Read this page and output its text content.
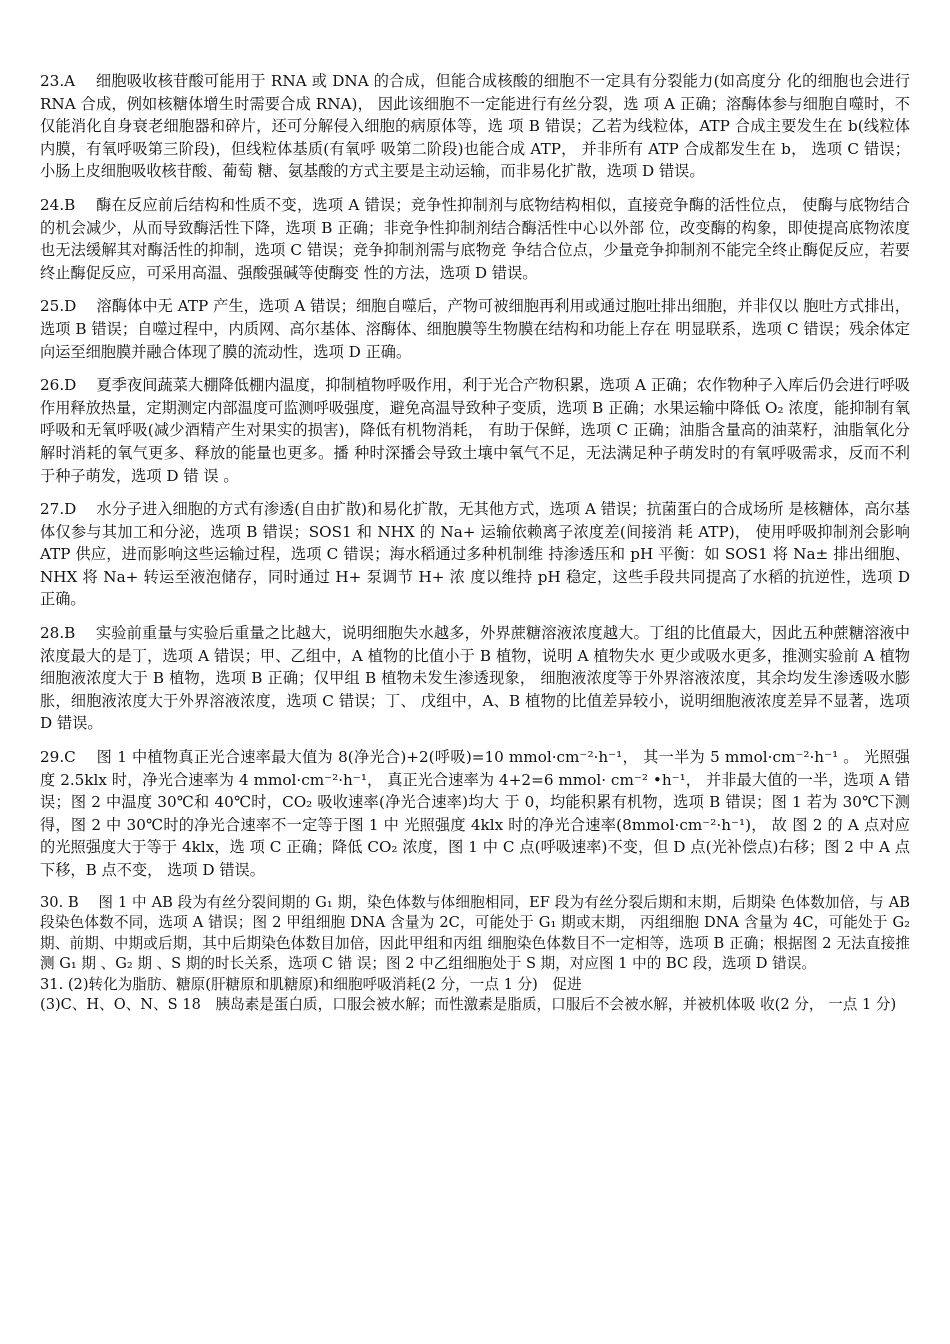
23.A　 细胞吸收核苷酸可能用于 RNA 或 DNA 的合成，但能合成核酸的细胞不一定具有分裂能力(如高度分 化的细胞也会进行 RNA 合成，例如核糖体增生时需要合成 RNA)， 因此该细胞不一定能进行有丝分裂，选 项 A 正确；溶酶体参与细胞自噬时，不仅能消化自身衰老细胞器和碎片，还可分解侵入细胞的病原体等，选 项 B 错误；乙若为线粒体，ATP 合成主要发生在 b(线粒体内膜，有氧呼吸第三阶段)，但线粒体基质(有氧呼 吸第二阶段)也能合成 ATP， 并非所有 ATP 合成都发生在 b， 选项 C 错误；小肠上皮细胞吸收核苷酸、葡萄 糖、氨基酸的方式主要是主动运输，而非易化扩散，选项 D 错误。

24.B　 酶在反应前后结构和性质不变，选项 A 错误；竞争性抑制剂与底物结构相似，直接竞争酶的活性位点， 使酶与底物结合的机会减少，从而导致酶活性下降，选项 B 正确；非竞争性抑制剂结合酶活性中心以外部 位，改变酶的构象，即使提高底物浓度也无法缓解其对酶活性的抑制，选项 C 错误；竞争抑制剂需与底物竞 争结合位点，少量竞争抑制剂不能完全终止酶促反应，若要终止酶促反应，可采用高温、强酸强碱等使酶变 性的方法，选项 D 错误。

25.D　 溶酶体中无 ATP 产生，选项 A 错误；细胞自噬后，产物可被细胞再利用或通过胞吐排出细胞，并非仅以 胞吐方式排出，选项 B 错误；自噬过程中，内质网、高尔基体、溶酶体、细胞膜等生物膜在结构和功能上存在 明显联系，选项 C 错误；残余体定向运至细胞膜并融合体现了膜的流动性，选项 D 正确。

26.D　 夏季夜间蔬菜大棚降低棚内温度，抑制植物呼吸作用，利于光合产物积累，选项 A 正确；农作物种子入库后仍会进行呼吸作用释放热量，定期测定内部温度可监测呼吸强度，避免高温导致种子变质，选项 B 正确；水果运输中降低 O₂ 浓度，能抑制有氧呼吸和无氧呼吸(减少酒精产生对果实的损害)，降低有机物消耗， 有助于保鲜，选项 C 正确；油脂含量高的油菜籽，油脂氧化分解时消耗的氧气更多、释放的能量也更多。播 种时深播会导致土壤中氧气不足，无法满足种子萌发时的有氧呼吸需求，反而不利于种子萌发，选项 D 错 误 。

27.D　 水分子进入细胞的方式有渗透(自由扩散)和易化扩散，无其他方式，选项 A 错误；抗菌蛋白的合成场所 是核糖体，高尔基体仅参与其加工和分泌，选项 B 错误；SOS1 和 NHX 的 Na+ 运输依赖离子浓度差(间接消 耗 ATP)， 使用呼吸抑制剂会影响 ATP 供应，进而影响这些运输过程，选项 C 错误；海水稻通过多种机制维 持渗透压和 pH 平衡：如 SOS1 将 Na± 排出细胞、NHX 将 Na+ 转运至液泡储存，同时通过 H+ 泵调节 H+ 浓 度以维持 pH 稳定，这些手段共同提高了水稻的抗逆性，选项 D 正确。

28.B　 实验前重量与实验后重量之比越大，说明细胞失水越多，外界蔗糖溶液浓度越大。丁组的比值最大，因此五种蔗糖溶液中浓度最大的是丁，选项 A 错误；甲、乙组中，A 植物的比值小于 B 植物，说明 A 植物失水 更少或吸水更多，推测实验前 A 植物细胞液浓度大于 B 植物，选项 B 正确；仅甲组 B 植物未发生渗透现象， 细胞液浓度等于外界溶液浓度，其余均发生渗透吸水膨胀，细胞液浓度大于外界溶液浓度，选项 C 错误；丁、 戊组中，A、B 植物的比值差异较小，说明细胞液浓度差异不显著，选项 D 错误。

29.C　 图 1 中植物真正光合速率最大值为 8(净光合)+2(呼吸)=10 mmol·cm⁻²·h⁻¹， 其一半为 5 mmol·cm⁻²·h⁻¹ 。 光照强度 2.5klx 时，净光合速率为 4 mmol·cm⁻²·h⁻¹， 真正光合速率为 4+2=6 mmol· cm⁻² •h⁻¹， 并非最大值的一半，选项 A 错误；图 2 中温度 30℃和 40℃时，CO₂ 吸收速率(净光合速率)均大 于 0，均能积累有机物，选项 B 错误；图 1 若为 30℃下测得，图 2 中 30℃时的净光合速率不一定等于图 1 中 光照强度 4klx 时的净光合速率(8mmol·cm⁻²·h⁻¹)， 故 图 2 的 A 点对应的光照强度大于等于 4klx，选 项 C 正确；降低 CO₂ 浓度，图 1 中 C 点(呼吸速率)不变，但 D 点(光补偿点)右移；图 2 中 A 点下移，B 点不变， 选项 D 错误。

30. B　 图 1 中 AB 段为有丝分裂间期的 G₁ 期，染色体数与体细胞相同，EF 段为有丝分裂后期和末期，后期染 色体数加倍，与 AB 段染色体数不同，选项 A 错误；图 2 甲组细胞 DNA 含量为 2C，可能处于 G₁ 期或末期， 丙组细胞 DNA 含量为 4C，可能处于 G₂ 期、前期、中期或后期，其中后期染色体数目加倍，因此甲组和丙组 细胞染色体数目不一定相等，选项 B 正确；根据图 2 无法直接推测 G₁ 期 、G₂ 期 、S 期的时长关系，选项 C 错 误；图 2 中乙组细胞处于 S 期，对应图 1 中的 BC 段，选项 D 错误。

31. (2)转化为脂肪、糖原(肝糖原和肌糖原)和细胞呼吸消耗(2 分，一点 1 分)　促进

(3)C、H、O、N、S 18　胰岛素是蛋白质，口服会被水解；而性激素是脂质，口服后不会被水解，并被机体吸 收(2 分， 一点 1 分)
